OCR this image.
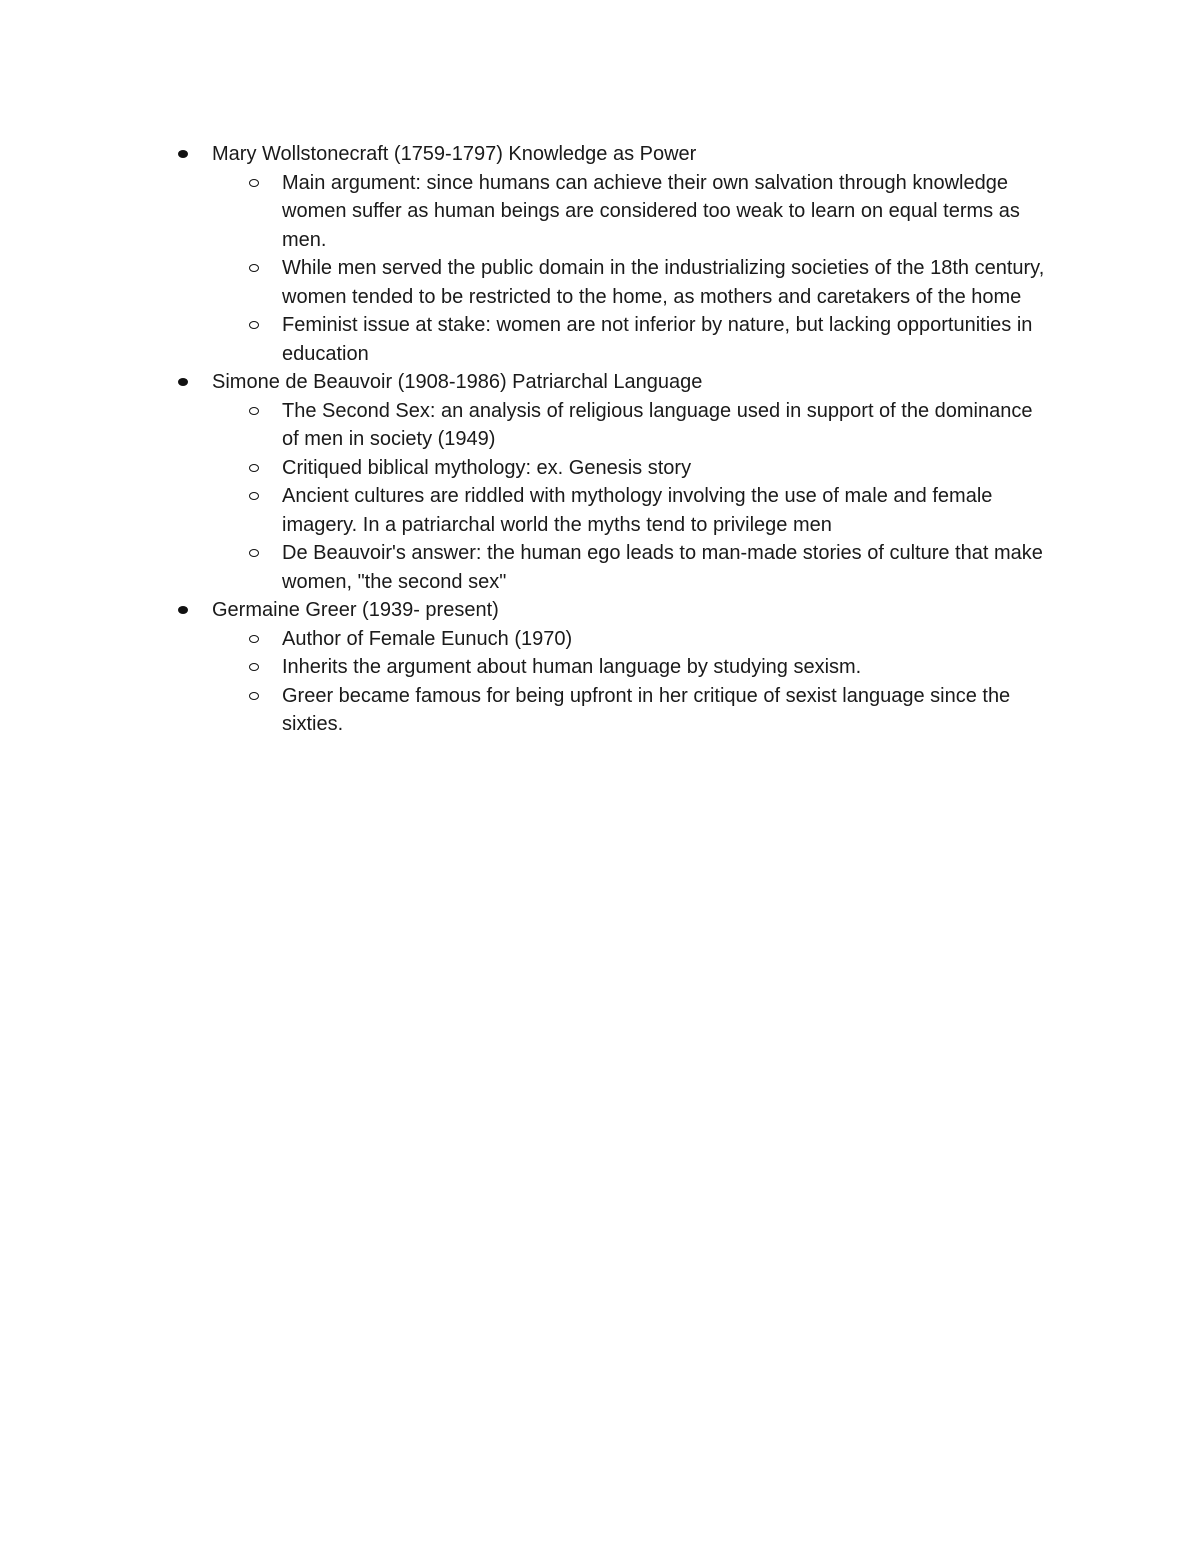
Mary Wollstonecraft (1759-1797) Knowledge as Power
Main argument: since humans can achieve their own salvation through knowledge women suffer as human beings are considered too weak to learn on equal terms as men.
While men served the public domain in the industrializing societies of the 18th century, women tended to be restricted to the home, as mothers and caretakers of the home
Feminist issue at stake: women are not inferior by nature, but lacking opportunities in education
Simone de Beauvoir (1908-1986) Patriarchal Language
The Second Sex: an analysis of religious language used in support of the dominance of men in society (1949)
Critiqued biblical mythology: ex. Genesis story
Ancient cultures are riddled with mythology involving the use of male and female imagery. In a patriarchal world the myths tend to privilege men
De Beauvoir's answer: the human ego leads to man-made stories of culture that make women, "the second sex"
Germaine Greer (1939- present)
Author of Female Eunuch (1970)
Inherits the argument about human language by studying sexism.
Greer became famous for being upfront in her critique of sexist language since the sixties.
